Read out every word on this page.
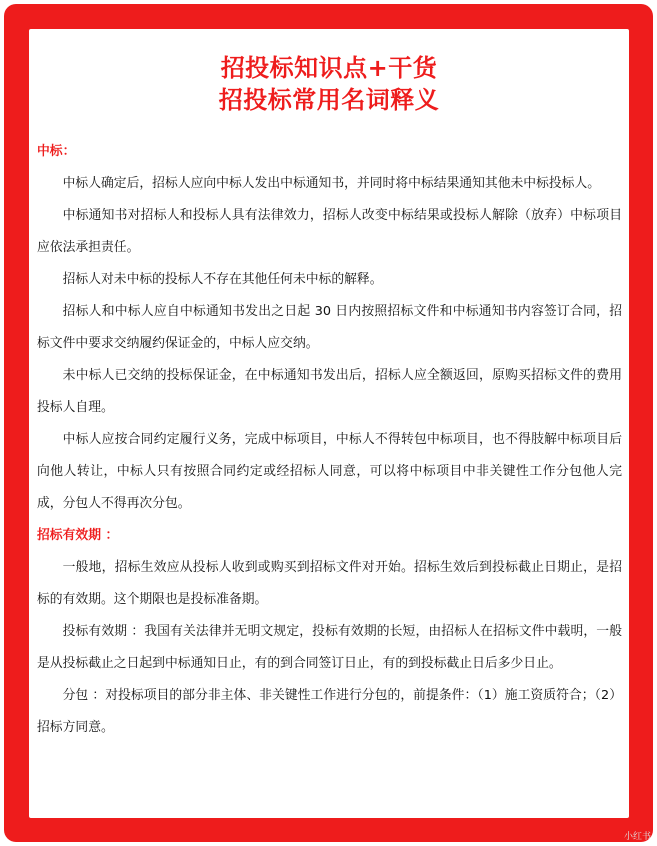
招投标知识点+干货
招投标常用名词释义

中标：

中标人确定后，招标人应向中标人发出中标通知书，并同时将中标结果通知其他未中标投标人。

中标通知书对招标人和投标人具有法律效力，招标人改变中标结果或投标人解除（放弃）中标项目应依法承担责任。

招标人对未中标的投标人不存在其他任何未中标的解释。

招标人和中标人应自中标通知书发出之日起 30 日内按照招标文件和中标通知书内容签订合同，招标文件中要求交纳履约保证金的，中标人应交纳。

未中标人已交纳的投标保证金，在中标通知书发出后，招标人应全额返回，原购买招标文件的费用投标人自理。

中标人应按合同约定履行义务，完成中标项目，中标人不得转包中标项目，也不得肢解中标项目后向他人转让，中标人只有按照合同约定或经招标人同意，可以将中标项目中非关键性工作分包他人完成，分包人不得再次分包。

招标有效期 ：

一般地，招标生效应从投标人收到或购买到招标文件对开始。招标生效后到投标截止日期止，是招标的有效期。这个期限也是投标准备期。

投标有效期 ：我国有关法律并无明文规定，投标有效期的长短，由招标人在招标文件中载明，一般是从投标截止之日起到中标通知日止，有的到合同签订日止，有的到投标截止日后多少日止。

分包 ：对投标项目的部分非主体、非关键性工作进行分包的，前提条件：（1）施工资质符合；（2）招标方同意。

小红书
